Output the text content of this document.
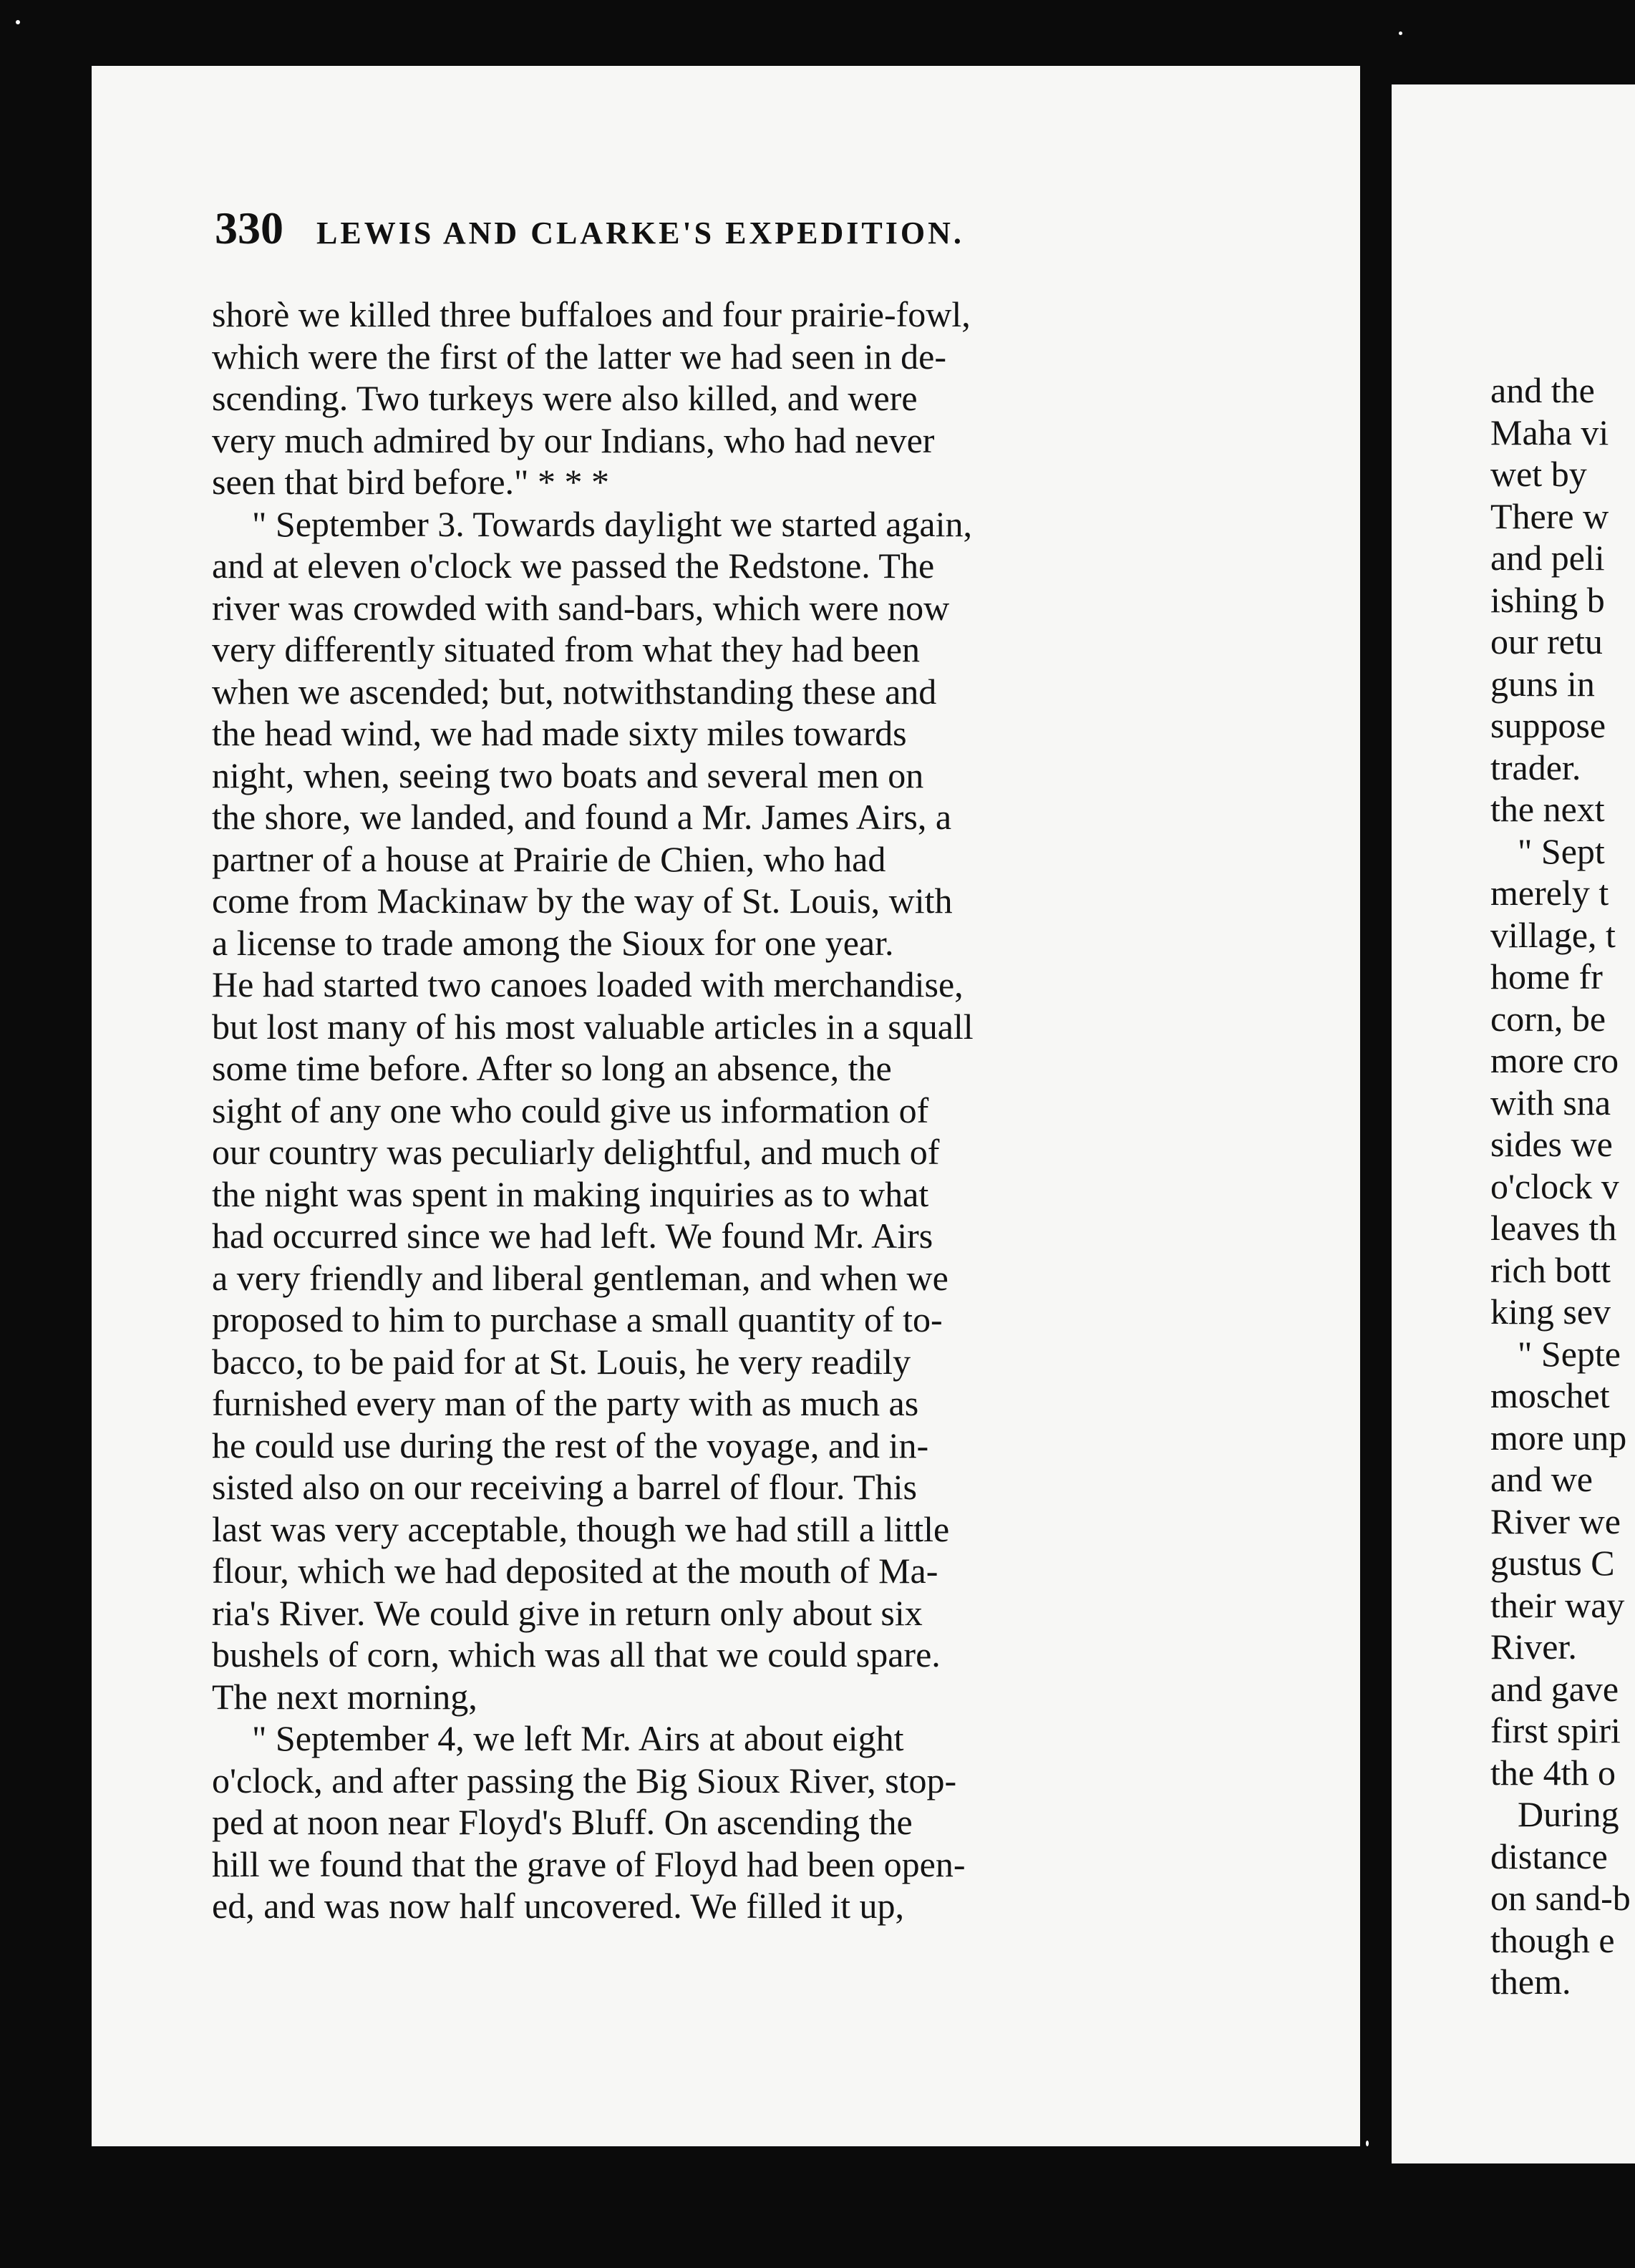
and the
Maha vi
wet by
There w
and peli
ishing b
our retu
guns in
suppose
trader.
the next
" Sept
merely t
village, t
home fr
corn, be
more cro
with sna
sides we
o'clock v
leaves th
rich bott
king sev
" Septe
moschet
more unp
and we
River we
gustus C
their way
River.
and gave
first spiri
the 4th o
During
distance
on sand-b
though e
them.
330 LEWIS AND CLARKE'S EXPEDITION.
shorè we killed three buffaloes and four prairie-fowl,
which were the first of the latter we had seen in de-
scending. Two turkeys were also killed, and were
very much admired by our Indians, who had never
seen that bird before." * * *
" September 3. Towards daylight we started again,
and at eleven o'clock we passed the Redstone. The
river was crowded with sand-bars, which were now
very differently situated from what they had been
when we ascended; but, notwithstanding these and
the head wind, we had made sixty miles towards
night, when, seeing two boats and several men on
the shore, we landed, and found a Mr. James Airs, a
partner of a house at Prairie de Chien, who had
come from Mackinaw by the way of St. Louis, with
a license to trade among the Sioux for one year.
He had started two canoes loaded with merchandise,
but lost many of his most valuable articles in a squall
some time before. After so long an absence, the
sight of any one who could give us information of
our country was peculiarly delightful, and much of
the night was spent in making inquiries as to what
had occurred since we had left. We found Mr. Airs
a very friendly and liberal gentleman, and when we
proposed to him to purchase a small quantity of to-
bacco, to be paid for at St. Louis, he very readily
furnished every man of the party with as much as
he could use during the rest of the voyage, and in-
sisted also on our receiving a barrel of flour. This
last was very acceptable, though we had still a little
flour, which we had deposited at the mouth of Ma-
ria's River. We could give in return only about six
bushels of corn, which was all that we could spare.
The next morning,
" September 4, we left Mr. Airs at about eight
o'clock, and after passing the Big Sioux River, stop-
ped at noon near Floyd's Bluff. On ascending the
hill we found that the grave of Floyd had been open-
ed, and was now half uncovered. We filled it up,
